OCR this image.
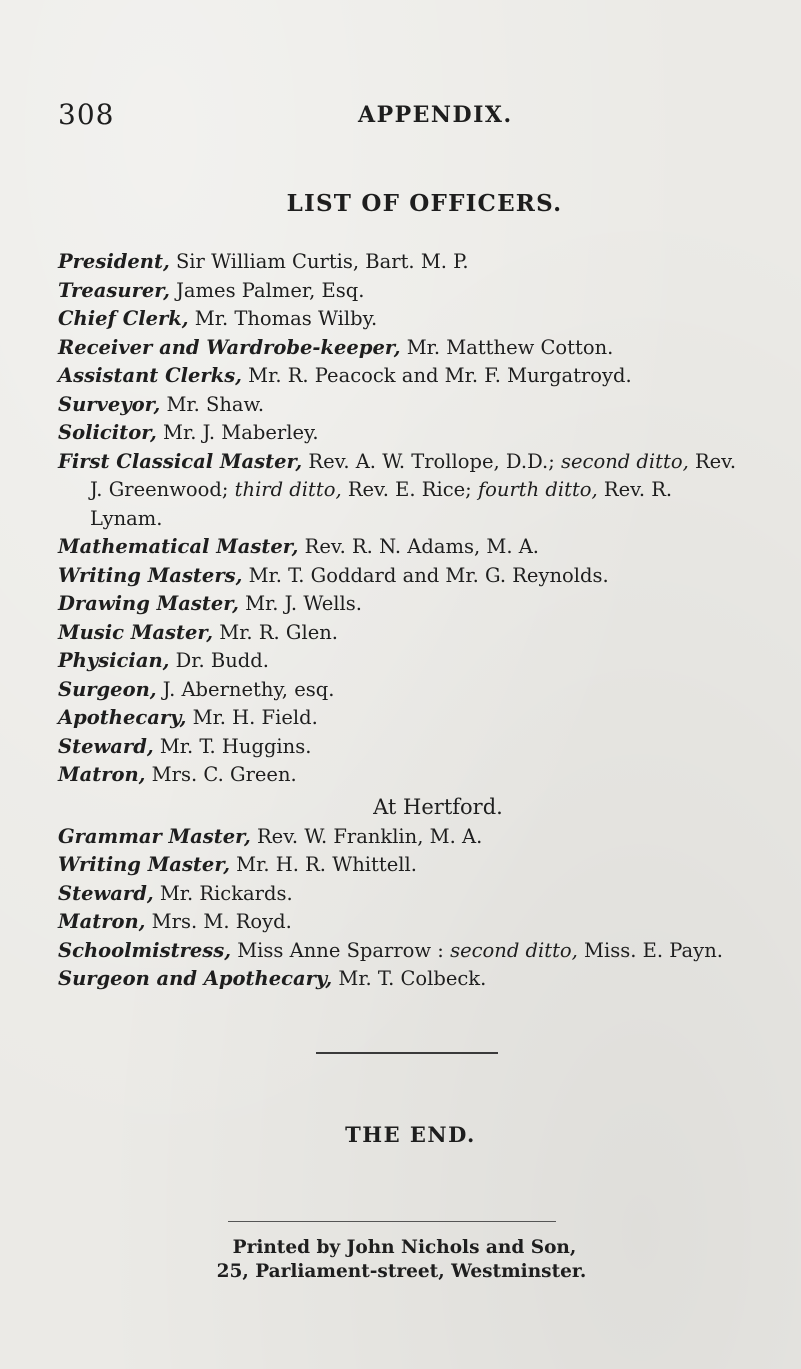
308	APPENDIX.
LIST OF OFFICERS.
President, Sir William Curtis, Bart. M. P.
Treasurer, James Palmer, Esq.
Chief Clerk, Mr. Thomas Wilby.
Receiver and Wardrobe-keeper, Mr. Matthew Cotton.
Assistant Clerks, Mr. R. Peacock and Mr. F. Murgatroyd.
Surveyor, Mr. Shaw.
Solicitor, Mr. J. Maberley.
First Classical Master, Rev. A. W. Trollope, D.D.; second ditto, Rev. J. Greenwood; third ditto, Rev. E. Rice; fourth ditto, Rev. R. Lynam.
Mathematical Master, Rev. R. N. Adams, M. A.
Writing Masters, Mr. T. Goddard and Mr. G. Reynolds.
Drawing Master, Mr. J. Wells.
Music Master, Mr. R. Glen.
Physician, Dr. Budd.
Surgeon, J. Abernethy, esq.
Apothecary, Mr. H. Field.
Steward, Mr. T. Huggins.
Matron, Mrs. C. Green.
At Hertford.
Grammar Master, Rev. W. Franklin, M. A.
Writing Master, Mr. H. R. Whittell.
Steward, Mr. Rickards.
Matron, Mrs. M. Royd.
Schoolmistress, Miss Anne Sparrow : second ditto, Miss. E. Payn.
Surgeon and Apothecary, Mr. T. Colbeck.
THE END.
Printed by John Nichols and Son,
25, Parliament-street, Westminster.
